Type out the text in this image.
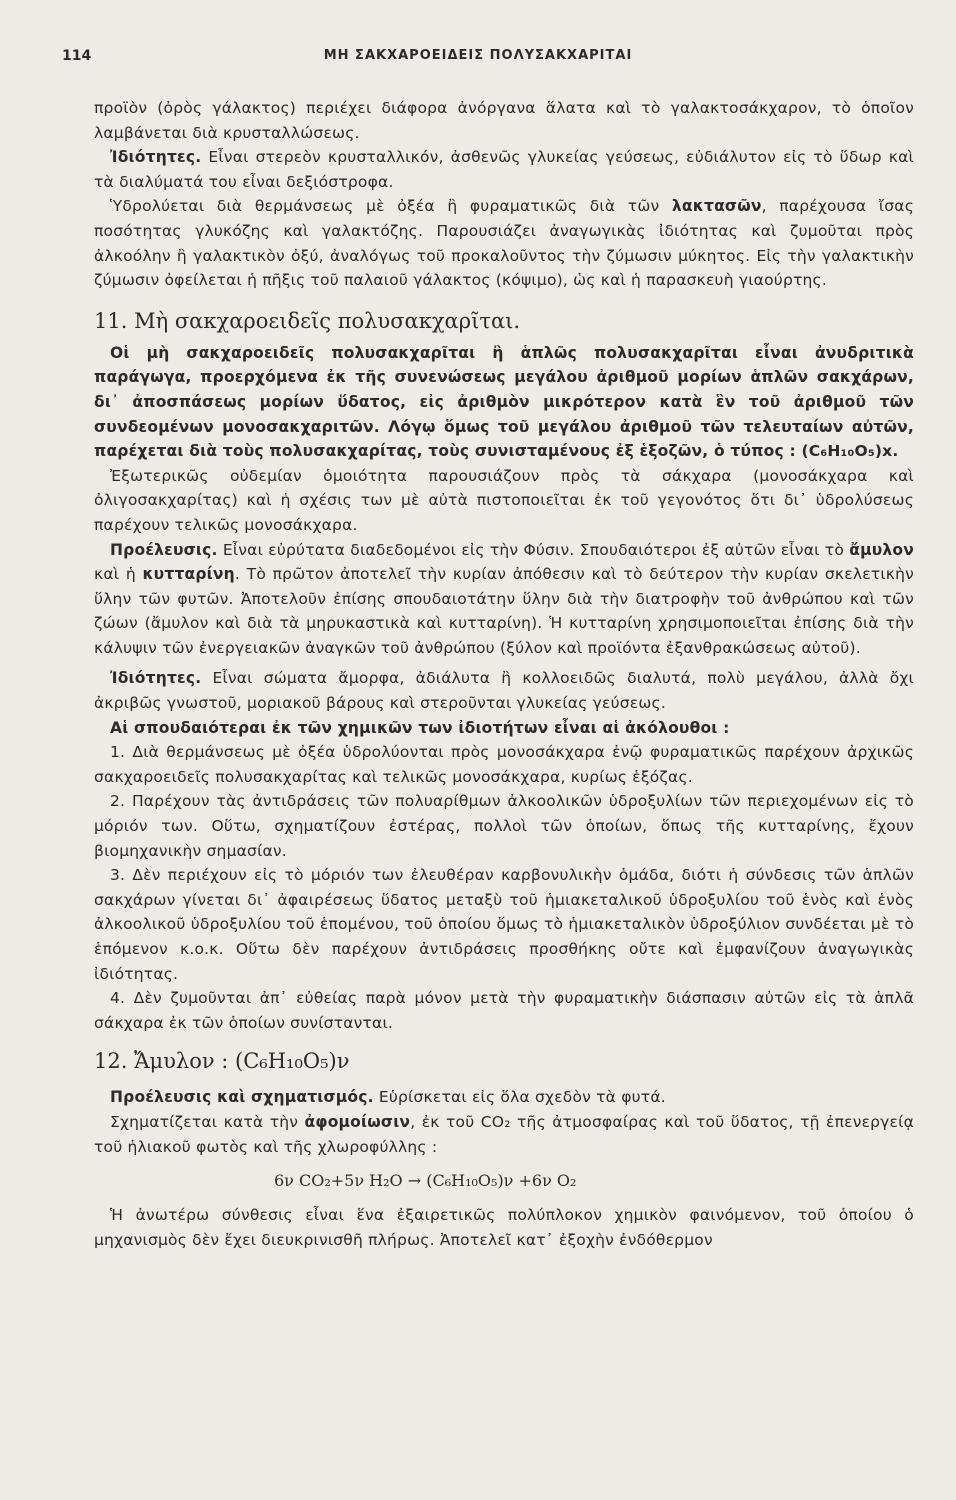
114	ΜΗ ΣΑΚΧΑΡΟΕΙΔΕΙΣ ΠΟΛΥΣΑΚΧΑΡΙΤΑΙ

προϊὸν (ὀρὸς γάλακτος) περιέχει διάφορα ἀνόργανα ἅλατα καὶ τὸ γαλακτοσάκχαρον, τὸ ὁποῖον λαμβάνεται διὰ κρυσταλλώσεως.

Ἰδιότητες. Εἶναι στερεὸν κρυσταλλικόν, ἀσθενῶς γλυκείας γεύσεως, εὐδιάλυτον εἰς τὸ ὕδωρ καὶ τὰ διαλύματά του εἶναι δεξιόστροφα.

Ὑδρολύεται διὰ θερμάνσεως μὲ ὀξέα ἢ φυραματικῶς διὰ τῶν λακτασῶν, παρέχουσα ἴσας ποσότητας γλυκόζης καὶ γαλακτόζης. Παρουσιάζει ἀναγωγικὰς ἰδιότητας καὶ ζυμοῦται πρὸς ἀλκοόλην ἢ γαλακτικὸν ὀξύ, ἀναλόγως τοῦ προκαλοῦντος τὴν ζύμωσιν μύκητος. Εἰς τὴν γαλακτικὴν ζύμωσιν ὀφείλεται ἡ πῆξις τοῦ παλαιοῦ γάλακτος (κόψιμο), ὡς καὶ ἡ παρασκευὴ γιαούρτης.

11. Μὴ σακχαροειδεῖς πολυσακχαρῖται.

Οἱ μὴ σακχαροειδεῖς πολυσακχαρῖται ἢ ἁπλῶς πολυσακχαρῖται εἶναι ἀνυδριτικὰ παράγωγα, προερχόμενα ἐκ τῆς συνενώσεως μεγάλου ἀριθμοῦ μορίων ἁπλῶν σακχάρων, δι᾽ ἀποσπάσεως μορίων ὕδατος, εἰς ἀριθμὸν μικρότερον κατὰ ἓν τοῦ ἀριθμοῦ τῶν συνδεομένων μονοσακχαριτῶν. Λόγῳ ὅμως τοῦ μεγάλου ἀριθμοῦ τῶν τελευταίων αὐτῶν, παρέχεται διὰ τοὺς πολυσακχαρίτας, τοὺς συνιστ​αμένους ἐξ ἑξοζῶν, ὁ τύπος : (C₆H₁₀O₅)x.

Ἐξωτερικῶς οὐδεμίαν ὁμοιότητα παρουσιάζουν πρὸς τὰ σάκχαρα (μονοσάκχαρα καὶ ὀλιγοσακχαρίτας) καὶ ἡ σχέσις των μὲ αὐτὰ πιστοποιεῖται ἐκ τοῦ γεγονότος ὅτι δι᾽ ὑδρολύσεως παρέχουν τελικῶς μονοσάκχαρα.

Προέλευσις. Εἶναι εὐρύτατα διαδεδομένοι εἰς τὴν Φύσιν. Σπουδαιότεροι ἐξ αὐτῶν εἶναι τὸ ἄμυλον καὶ ἡ κυτταρίνη. Τὸ πρῶτον ἀποτελεῖ τὴν κυρίαν ἀπόθεσιν καὶ τὸ δεύτερον τὴν κυρίαν σκελετικὴν ὕλην τῶν φυτῶν. Ἀποτελοῦν ἐπίσης σπουδαιοτάτην ὕλην διὰ τὴν διατροφὴν τοῦ ἀνθρώπου καὶ τῶν ζώων (ἄμυλον καὶ διὰ τὰ μηρυκαστικὰ καὶ κυτταρίνη). Ἡ κυτταρίνη χρησιμοποιεῖται ἐπίσης διὰ τὴν κάλυψιν τῶν ἐνεργειακῶν ἀναγκῶν τοῦ ἀνθρώπου (ξύλον καὶ προϊόντα ἐξανθρακώσεως αὐτοῦ).

Ἰδιότητες. Εἶναι σώματα ἄμορφα, ἀδιάλυτα ἢ κολλοειδῶς διαλυτά, πολὺ μεγάλου, ἀλλὰ ὄχι ἀκριβῶς γνωστοῦ, μοριακοῦ βάρους καὶ στεροῦνται γλυκείας γεύσεως.

Αἱ σπουδαιότεραι ἐκ τῶν χημικῶν των ἰδιοτήτων εἶναι αἱ ἀκόλουθοι :

1. Διὰ θερμάνσεως μὲ ὀξέα ὑδρολύονται πρὸς μονοσάκχαρα ἐνῷ φυραματικῶς παρέχουν ἀρχικῶς σακχαροειδεῖς πολυσακχαρίτας καὶ τελικῶς μονοσάκχαρα, κυρίως ἑξόζας.

2. Παρέχουν τὰς ἀντιδράσεις τῶν πολυαρίθμων ἀλκοολικῶν ὑδροξυλίων τῶν περιεχομένων εἰς τὸ μόριόν των. Οὕτω, σχηματίζουν ἐστέρας, πολλοὶ τῶν ὁποίων, ὅπως τῆς κυτταρίνης, ἔχουν βιομηχανικὴν σημασίαν.

3. Δὲν περιέχουν εἰς τὸ μόριόν των ἐλευθέραν καρβονυλικὴν ὁμάδα, διότι ἡ σύνδεσις τῶν ἁπλῶν σακχάρων γίνεται δι᾽ ἀφαιρέσεως ὕδατος μεταξὺ τοῦ ἡμιακεταλικοῦ ὑδροξυλίου τοῦ ἑνὸς καὶ ἑνὸς ἀλκοολικοῦ ὑδροξυλίου τοῦ ἑπομένου, τοῦ ὁποίου ὅμως τὸ ἡμιακεταλικὸν ὑδροξύλιον συνδέεται μὲ τὸ ἑπόμενον κ.ο.κ. Οὕτω δὲν παρέχουν ἀντιδράσεις προσθήκης οὔτε καὶ ἐμφανίζουν ἀναγωγικὰς ἰδιότητας.

4. Δὲν ζυμοῦνται ἀπ᾽ εὐθείας παρὰ μόνον μετὰ τὴν φυραματικὴν διάσπασιν αὐτῶν εἰς τὰ ἁπλᾶ σάκχαρα ἐκ τῶν ὁποίων συνίστανται.

12. Ἄμυλον : (C₆H₁₀O₅)ν

Προέλευσις καὶ σχηματισμός. Εὑρίσκεται εἰς ὅλα σχεδὸν τὰ φυτά.

Σχηματίζεται κατὰ τὴν ἀφομοίωσιν, ἐκ τοῦ CO₂ τῆς ἀτμοσφαίρας καὶ τοῦ ὕδατος, τῇ ἐπενεργείᾳ τοῦ ἡλιακοῦ φωτὸς καὶ τῆς χλωροφύλλης :

6ν CO₂+5ν H₂O → (C₆H₁₀O₅)ν +6ν O₂

Ἡ ἀνωτέρω σύνθεσις εἶναι ἕνα ἐξαιρετικῶς πολύπλοκον χημικὸν φαινόμενον, τοῦ ὁποίου ὁ μηχανισμὸς δὲν ἔχει διευκρινισθῆ πλήρως. Ἀποτελεῖ κατ᾽ ἐξοχὴν ἐνδόθερμον
